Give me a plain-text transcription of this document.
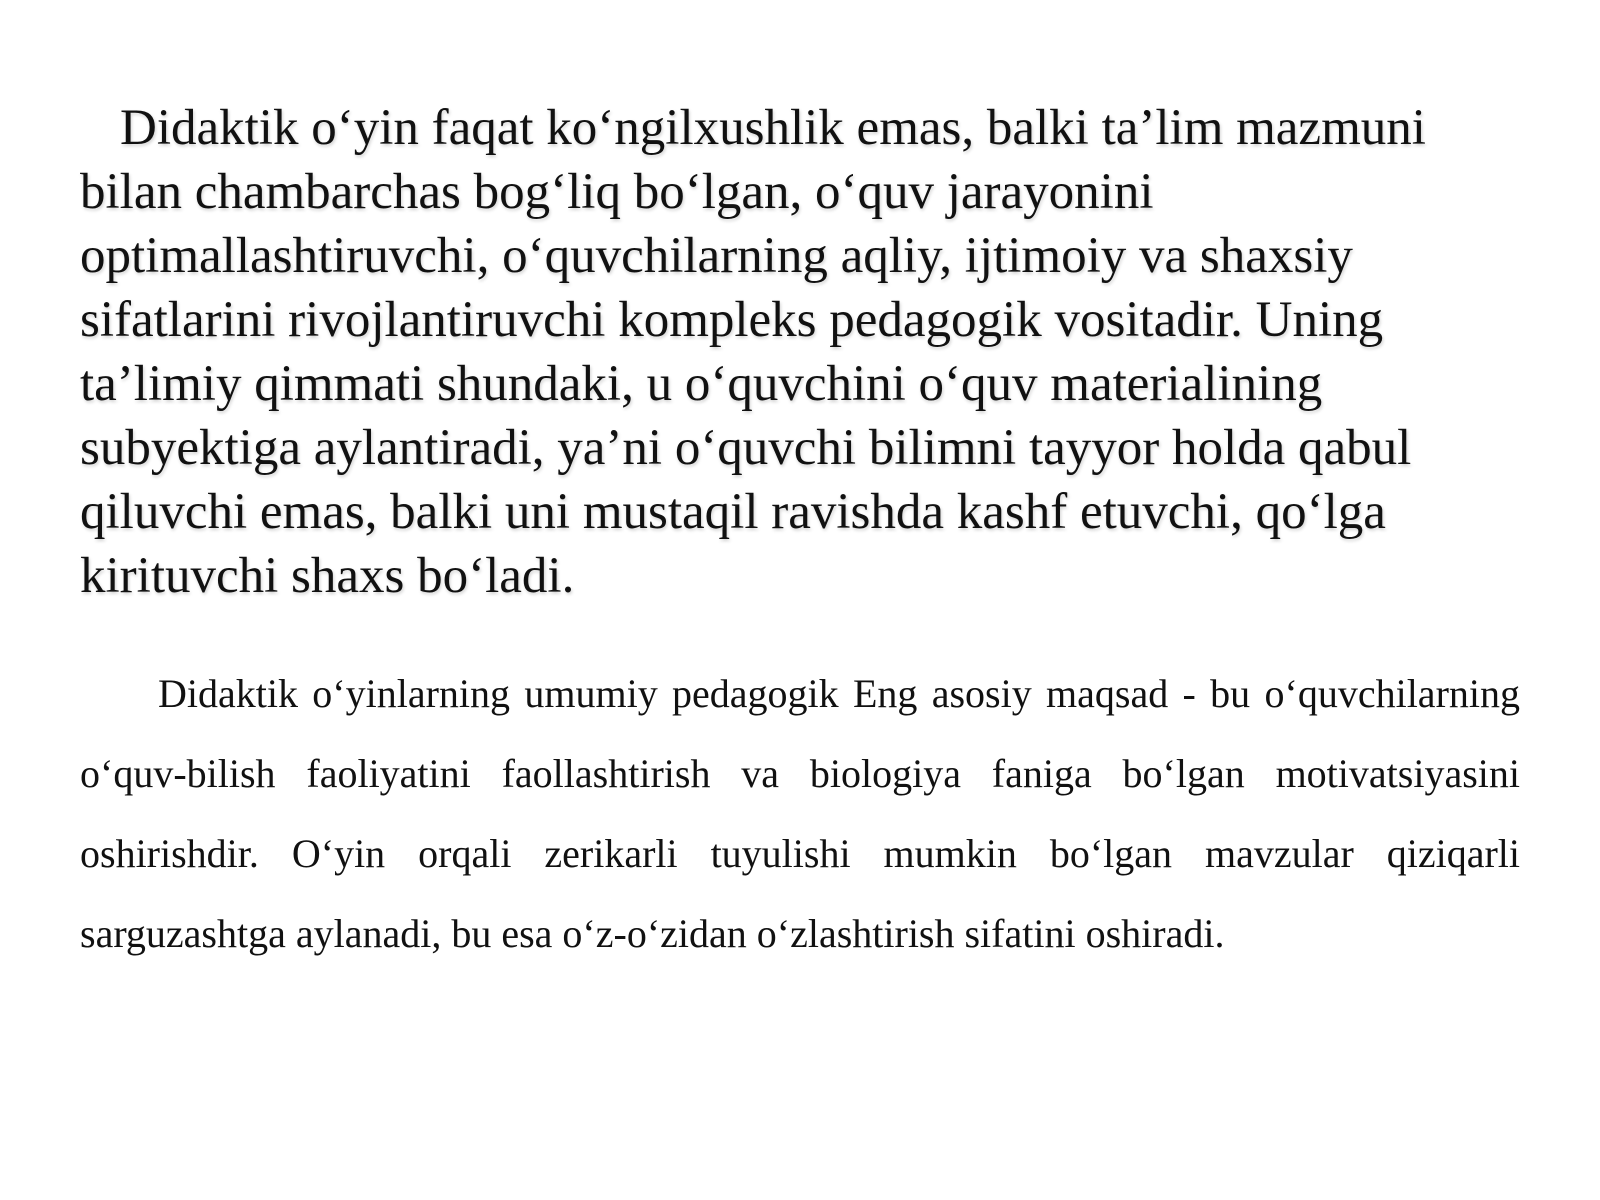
Didaktik o‘yin faqat ko‘ngilxushlik emas, balki ta’lim mazmuni bilan chambarchas bog‘liq bo‘lgan, o‘quv jarayonini optimallashtiruvchi, o‘quvchilarning aqliy, ijtimoiy va shaxsiy sifatlarini rivojlantiruvchi kompleks pedagogik vositadir. Uning ta’limiy qimmati shundaki, u o‘quvchini o‘quv materialining subyektiga aylantiradi, ya’ni o‘quvchi bilimni tayyor holda qabul qiluvchi emas, balki uni mustaqil ravishda kashf etuvchi, qo‘lga kirituvchi shaxs bo‘ladi.

Didaktik o‘yinlarning umumiy pedagogik Eng asosiy maqsad - bu o‘quvchilarning o‘quv-bilish faoliyatini faollashtirish va biologiya faniga bo‘lgan motivatsiyasini oshirishdir. O‘yin orqali zerikarli tuyulishi mumkin bo‘lgan mavzular qiziqarli sarguzashtga aylanadi, bu esa o‘z-o‘zidan o‘zlashtirish sifatini oshiradi.
